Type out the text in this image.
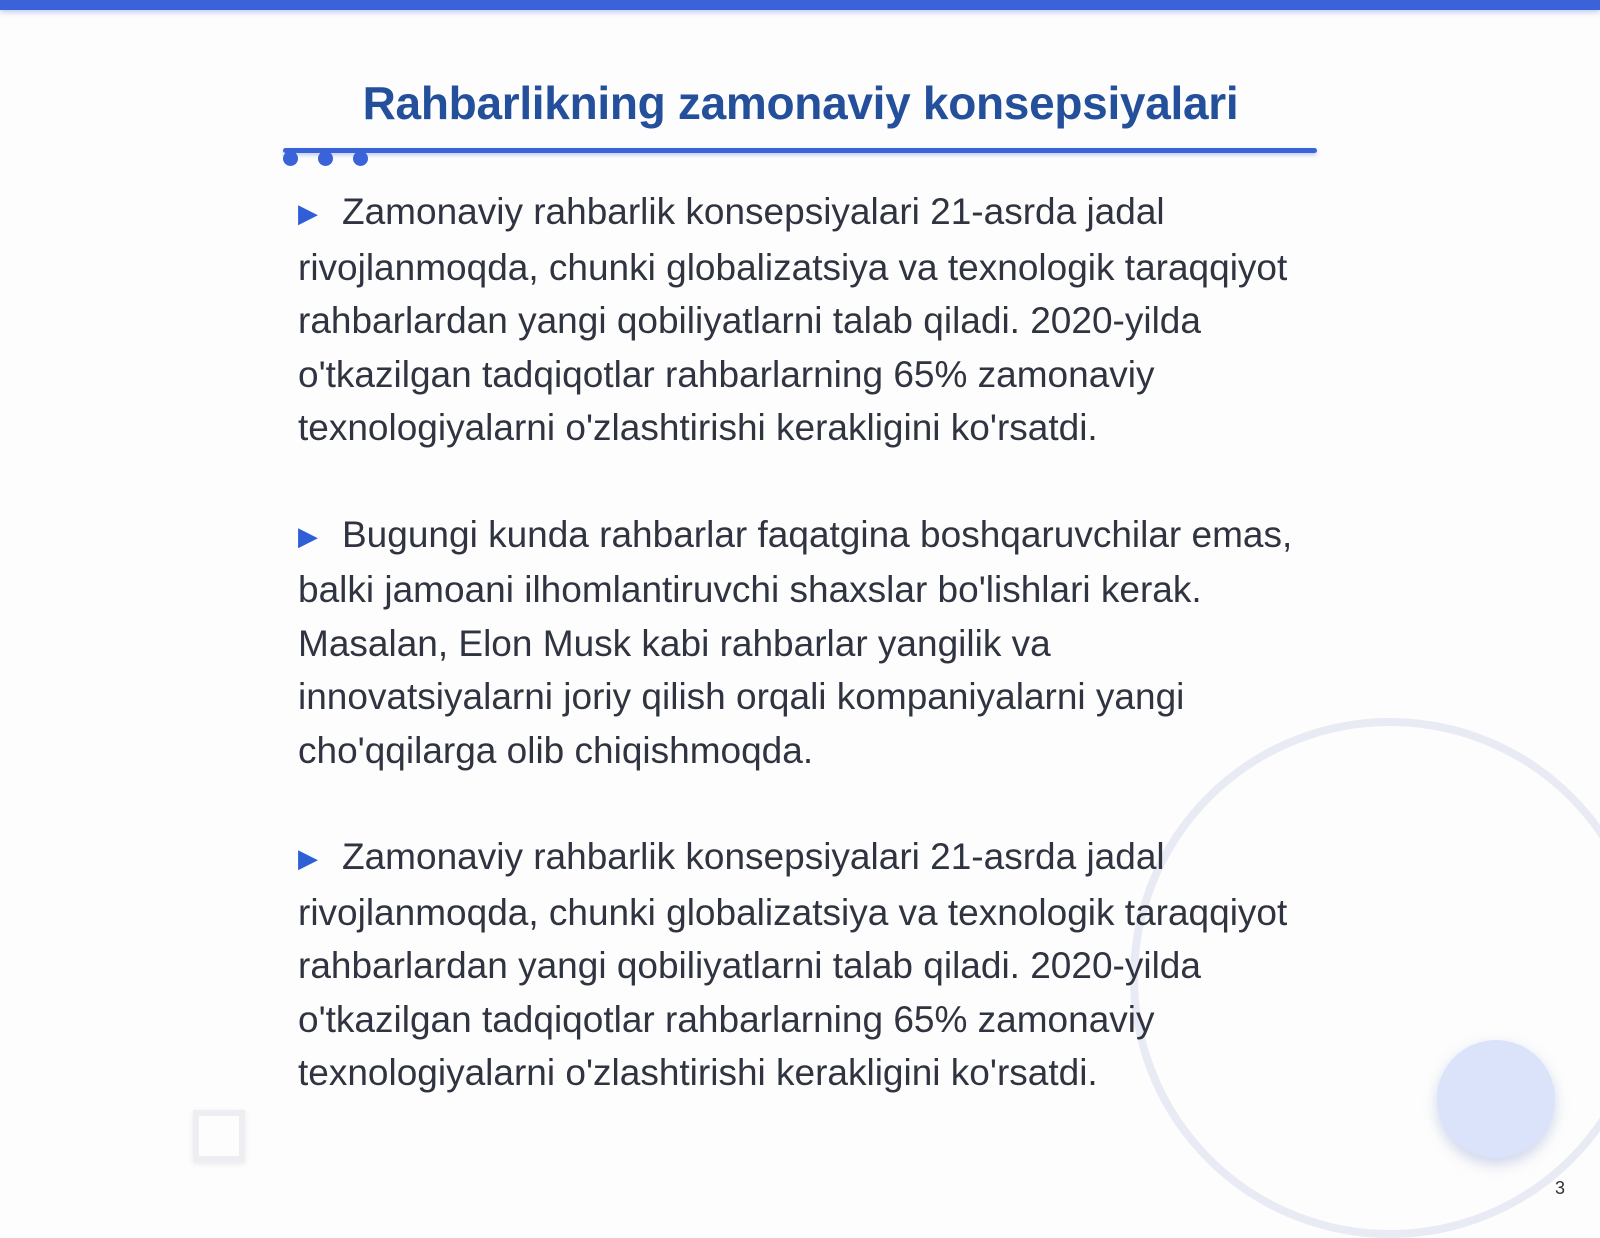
Rahbarlikning zamonaviy konsepsiyalari

▶ Zamonaviy rahbarlik konsepsiyalari 21-asrda jadal rivojlanmoqda, chunki globalizatsiya va texnologik taraqqiyot rahbarlardan yangi qobiliyatlarni talab qiladi. 2020-yilda o'tkazilgan tadqiqotlar rahbarlarning 65% zamonaviy texnologiyalarni o'zlashtirishi kerakligini ko'rsatdi.

▶ Bugungi kunda rahbarlar faqatgina boshqaruvchilar emas, balki jamoani ilhomlantiruvchi shaxslar bo'lishlari kerak. Masalan, Elon Musk kabi rahbarlar yangilik va innovatsiyalarni joriy qilish orqali kompaniyalarni yangi cho'qqilarga olib chiqishmoqda.

▶ Zamonaviy rahbarlik konsepsiyalari 21-asrda jadal rivojlanmoqda, chunki globalizatsiya va texnologik taraqqiyot rahbarlardan yangi qobiliyatlarni talab qiladi. 2020-yilda o'tkazilgan tadqiqotlar rahbarlarning 65% zamonaviy texnologiyalarni o'zlashtirishi kerakligini ko'rsatdi.

3
